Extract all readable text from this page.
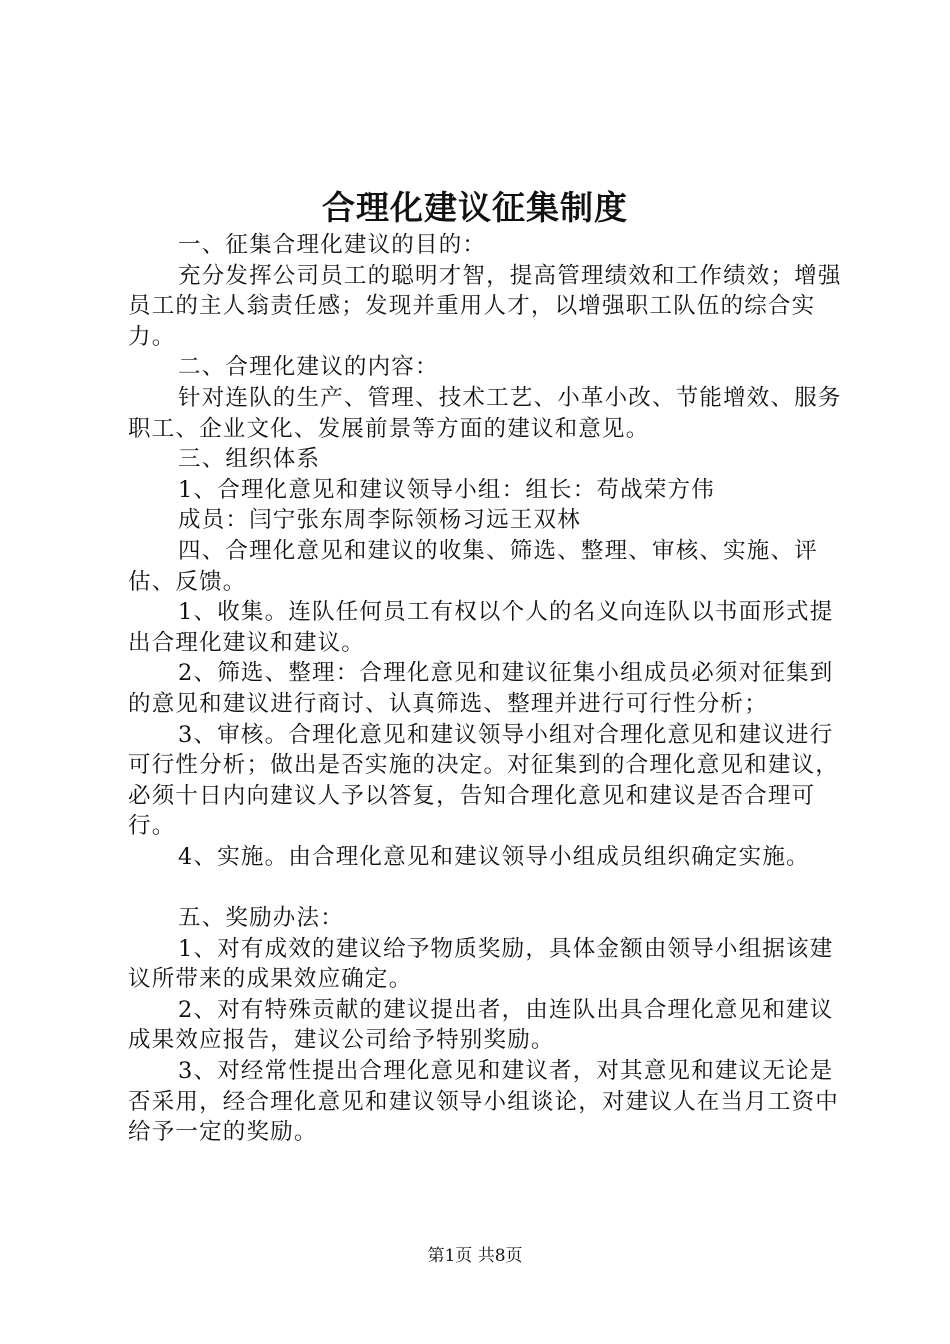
合理化建议征集制度

一、征集合理化建议的目的：

充分发挥公司员工的聪明才智，提高管理绩效和工作绩效；增强员工的主人翁责任感；发现并重用人才，以增强职工队伍的综合实力。

二、合理化建议的内容：

针对连队的生产、管理、技术工艺、小革小改、节能增效、服务职工、企业文化、发展前景等方面的建议和意见。

三、组织体系

1、合理化意见和建议领导小组：组长：苟战荣方伟

成员：闫宁张东周李际领杨习远王双林

四、合理化意见和建议的收集、筛选、整理、审核、实施、评估、反馈。

1、收集。连队任何员工有权以个人的名义向连队以书面形式提出合理化建议和建议。

2、筛选、整理：合理化意见和建议征集小组成员必须对征集到的意见和建议进行商讨、认真筛选、整理并进行可行性分析；

3、审核。合理化意见和建议领导小组对合理化意见和建议进行可行性分析；做出是否实施的决定。对征集到的合理化意见和建议，必须十日内向建议人予以答复，告知合理化意见和建议是否合理可行。

4、实施。由合理化意见和建议领导小组成员组织确定实施。

五、奖励办法：

1、对有成效的建议给予物质奖励，具体金额由领导小组据该建议所带来的成果效应确定。

2、对有特殊贡献的建议提出者，由连队出具合理化意见和建议成果效应报告，建议公司给予特别奖励。

3、对经常性提出合理化意见和建议者，对其意见和建议无论是否采用，经合理化意见和建议领导小组谈论，对建议人在当月工资中给予一定的奖励。

第1页 共8页
